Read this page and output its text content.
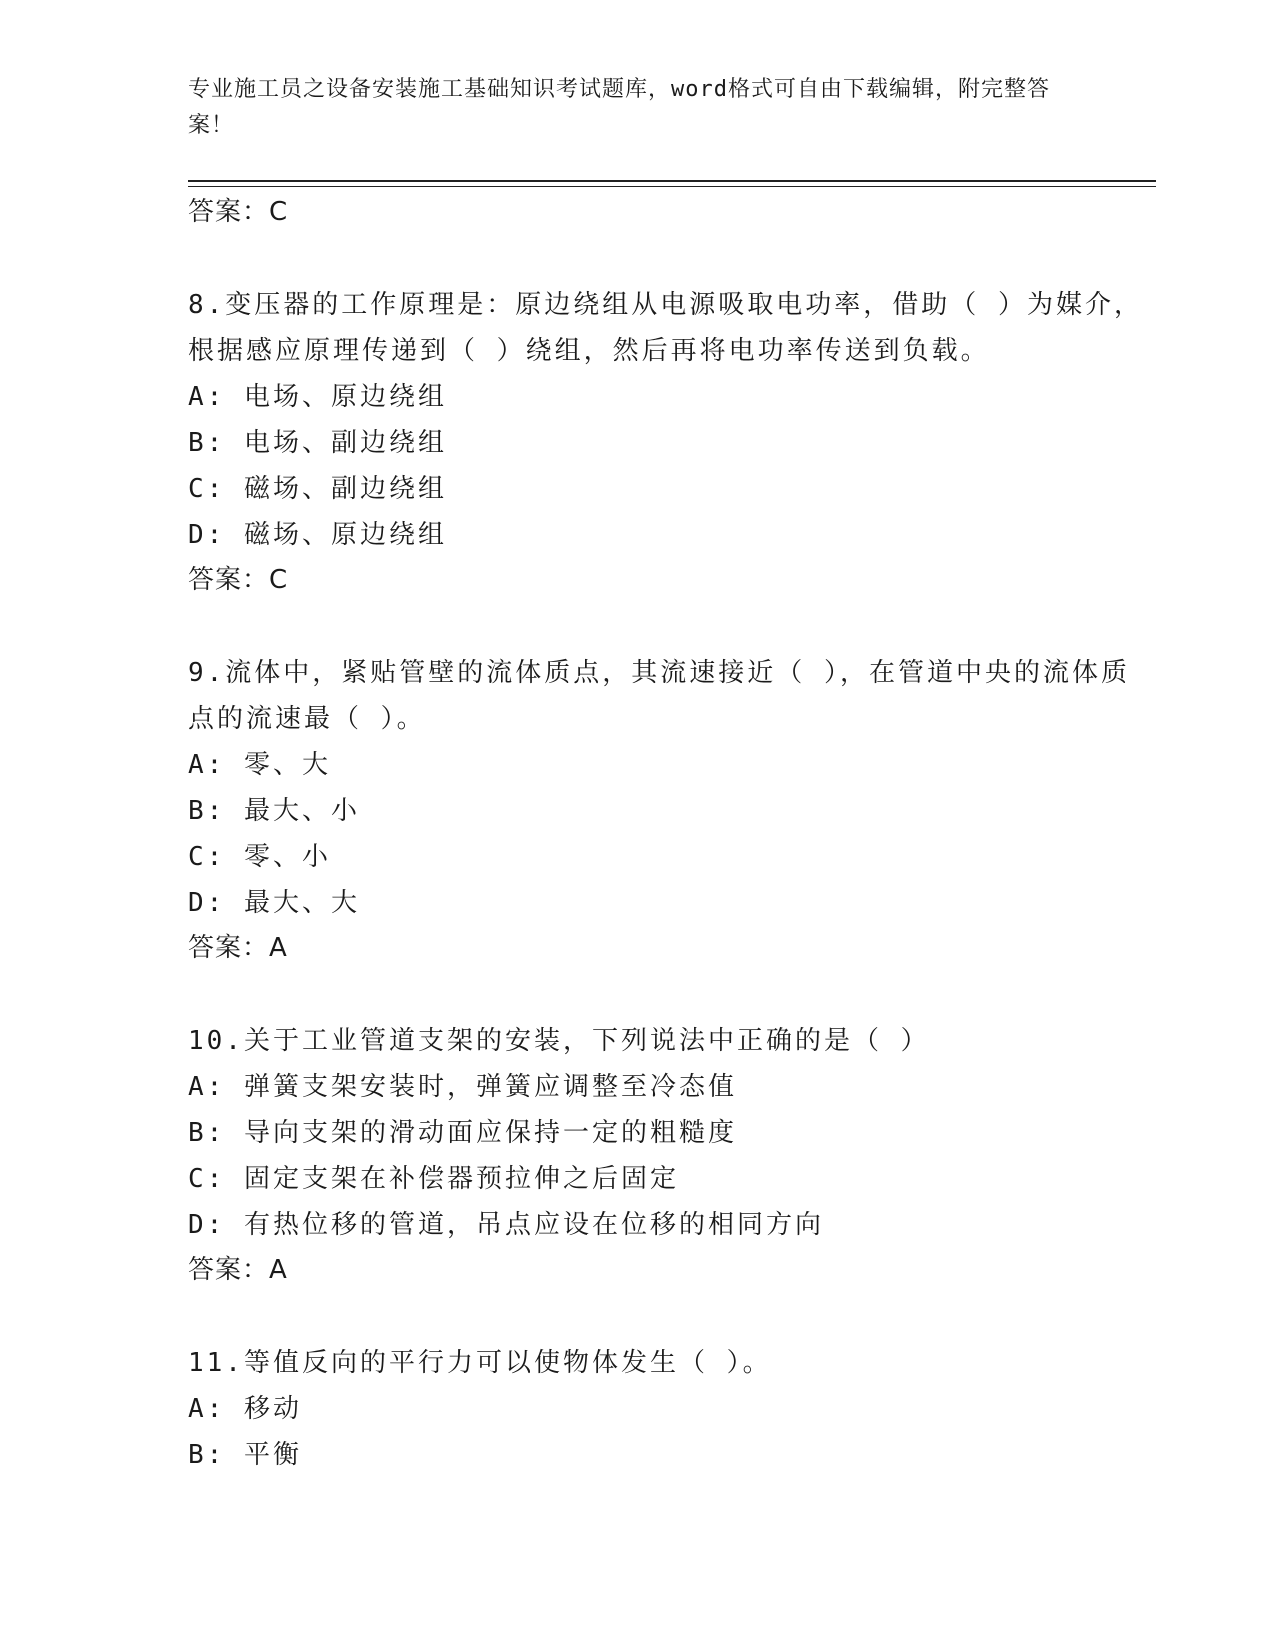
专业施工员之设备安装施工基础知识考试题库，word格式可自由下载编辑，附完整答案！
答案：C
8.变压器的工作原理是：原边绕组从电源吸取电功率，借助（ ）为媒介，根据感应原理传递到（ ）绕组，然后再将电功率传送到负载。
A: 电场、原边绕组
B: 电场、副边绕组
C: 磁场、副边绕组
D: 磁场、原边绕组
答案：C
9.流体中，紧贴管壁的流体质点，其流速接近（ ），在管道中央的流体质点的流速最（ ）。
A: 零、大
B: 最大、小
C: 零、小
D: 最大、大
答案：A
10.关于工业管道支架的安装，下列说法中正确的是（ ）
A: 弹簧支架安装时，弹簧应调整至冷态值
B: 导向支架的滑动面应保持一定的粗糙度
C: 固定支架在补偿器预拉伸之后固定
D: 有热位移的管道，吊点应设在位移的相同方向
答案：A
11.等值反向的平行力可以使物体发生（ ）。
A: 移动
B: 平衡
